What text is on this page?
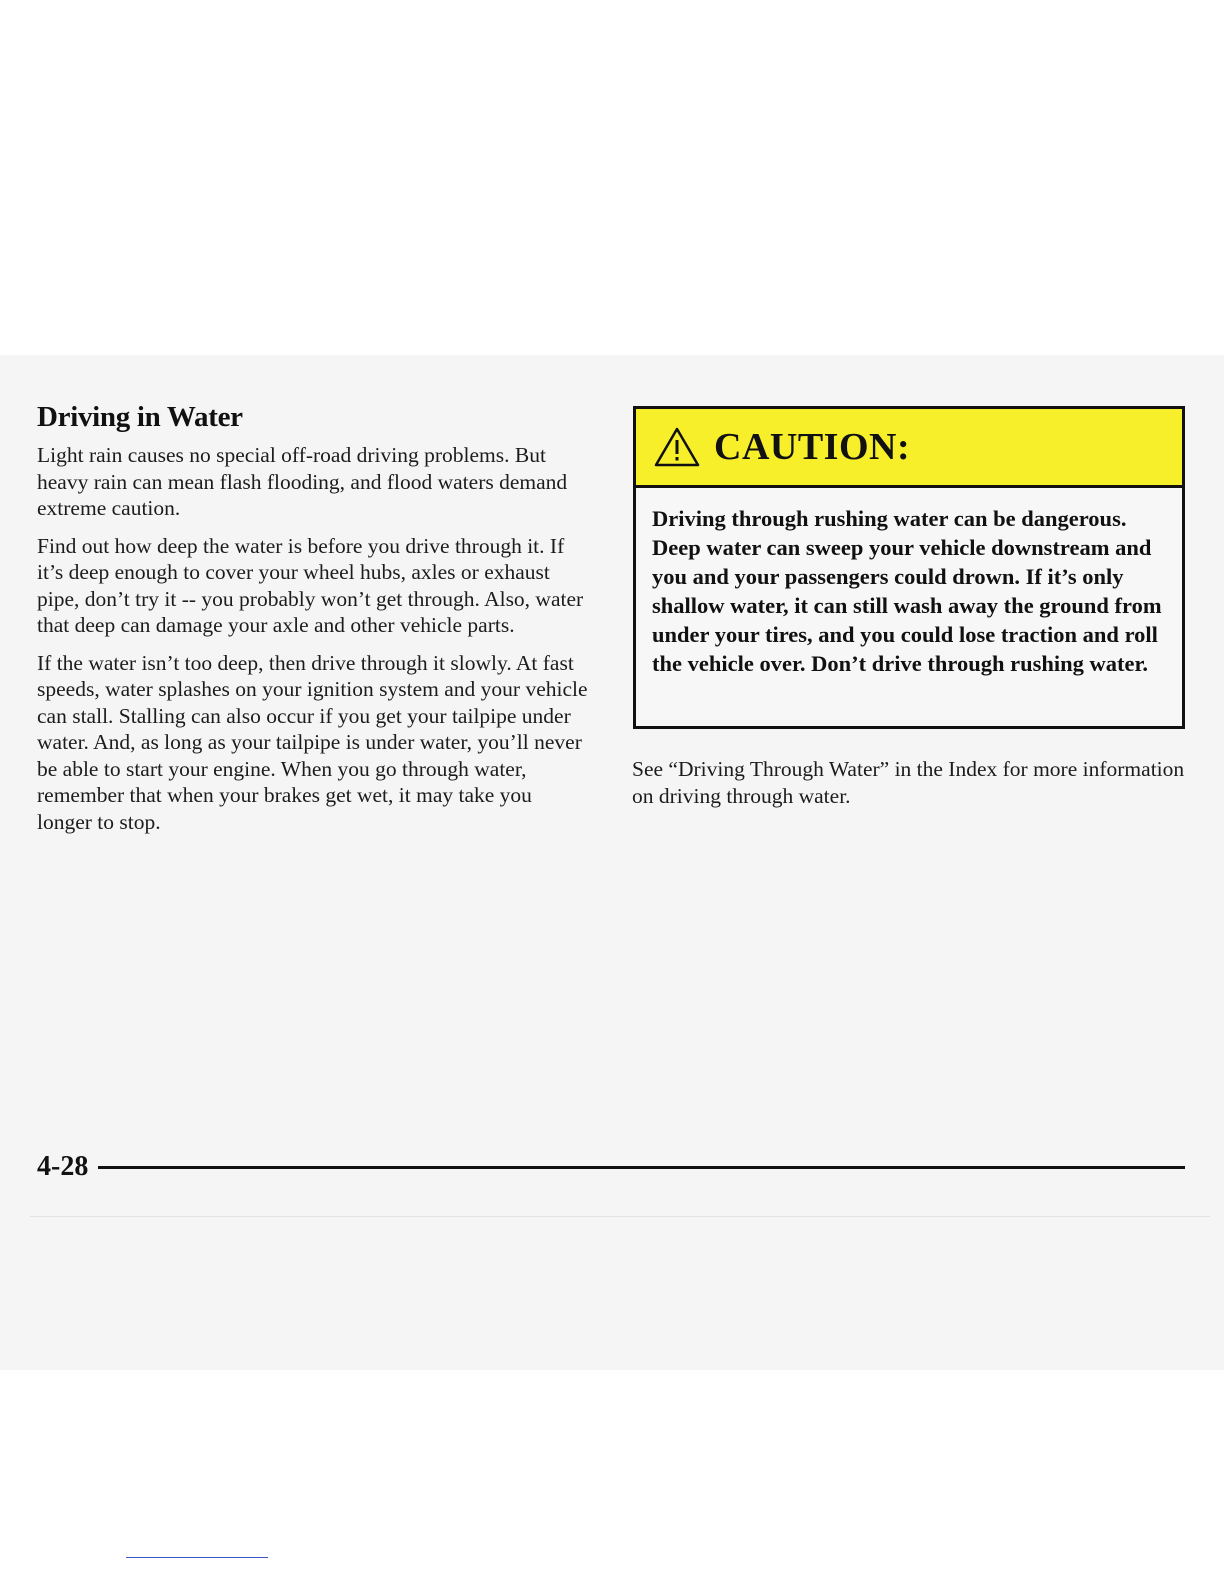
Driving in Water

Light rain causes no special off-road driving problems. But heavy rain can mean flash flooding, and flood waters demand extreme caution.

Find out how deep the water is before you drive through it. If it’s deep enough to cover your wheel hubs, axles or exhaust pipe, don’t try it -- you probably won’t get through. Also, water that deep can damage your axle and other vehicle parts.

If the water isn’t too deep, then drive through it slowly. At fast speeds, water splashes on your ignition system and your vehicle can stall. Stalling can also occur if you get your tailpipe under water. And, as long as your tailpipe is under water, you’ll never be able to start your engine. When you go through water, remember that when your brakes get wet, it may take you longer to stop.

CAUTION:
Driving through rushing water can be dangerous. Deep water can sweep your vehicle downstream and you and your passengers could drown. If it’s only shallow water, it can still wash away the ground from under your tires, and you could lose traction and roll the vehicle over. Don’t drive through rushing water.
See “Driving Through Water” in the Index for more information on driving through water.
4-28
